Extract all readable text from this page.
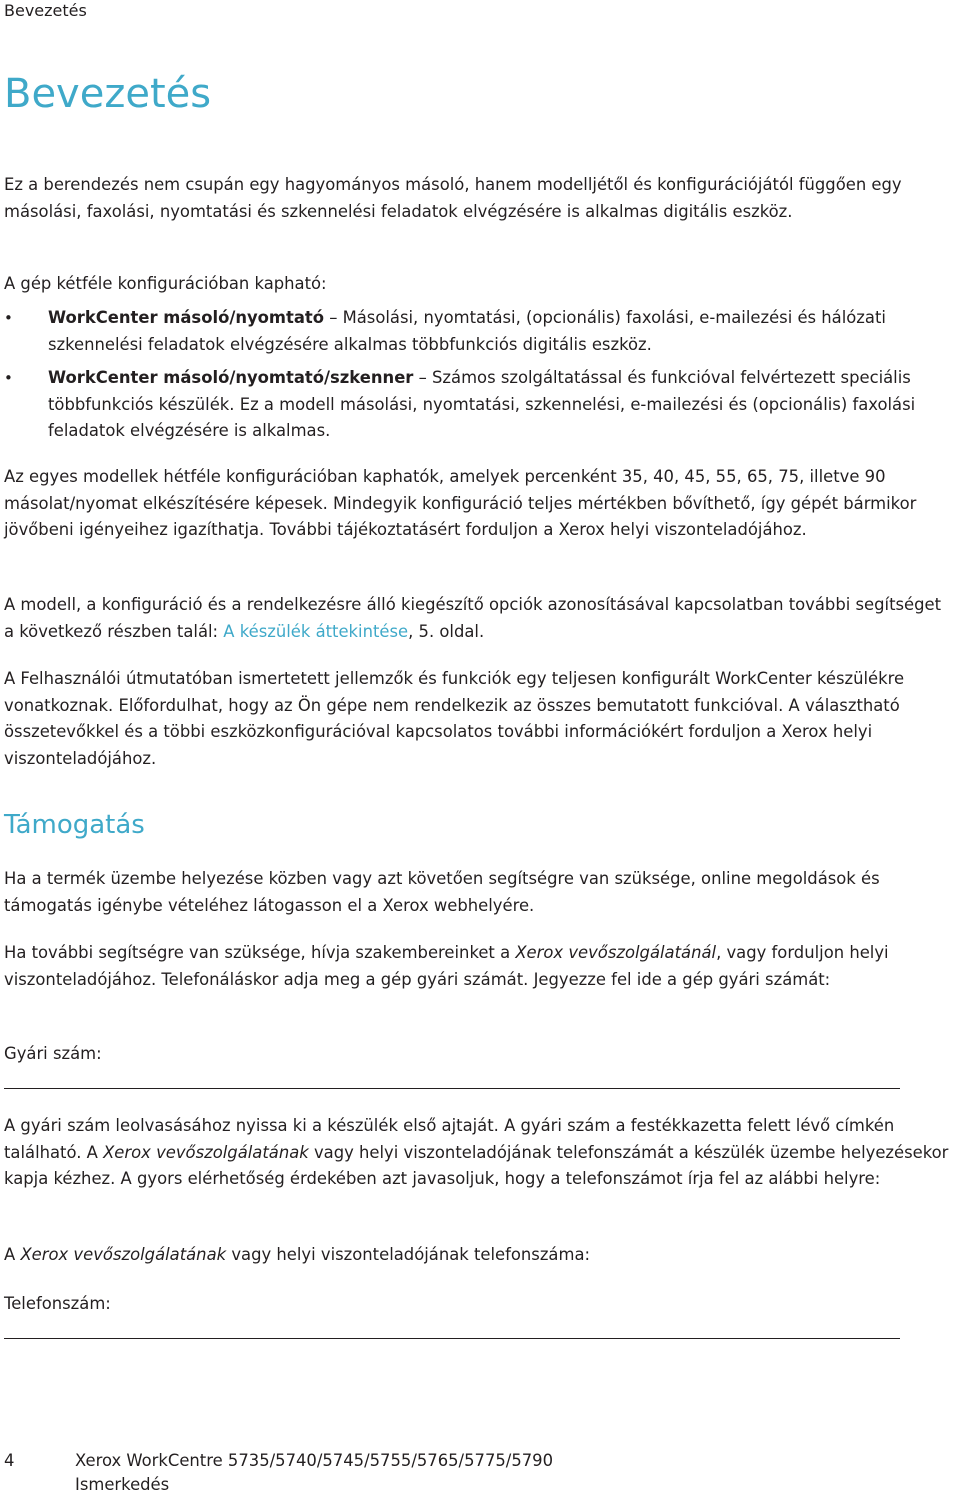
Bevezetés
Bevezetés

Ez a berendezés nem csupán egy hagyományos másoló, hanem modelljétől és konfigurációjától függően egy másolási, faxolási, nyomtatási és szkennelési feladatok elvégzésére is alkalmas digitális eszköz.

A gép kétféle konfigurációban kapható:

• WorkCenter másoló/nyomtató – Másolási, nyomtatási, (opcionális) faxolási, e-mailezési és hálózati szkennelési feladatok elvégzésére alkalmas többfunkciós digitális eszköz.
• WorkCenter másoló/nyomtató/szkenner – Számos szolgáltatással és funkcióval felvértezett speciális többfunkciós készülék. Ez a modell másolási, nyomtatási, szkennelési, e-mailezési és (opcionális) faxolási feladatok elvégzésére is alkalmas.

Az egyes modellek hétféle konfigurációban kaphatók, amelyek percenként 35, 40, 45, 55, 65, 75, illetve 90 másolat/nyomat elkészítésére képesek. Mindegyik konfiguráció teljes mértékben bővíthető, így gépét bármikor jövőbeni igényeihez igazíthatja. További tájékoztatásért forduljon a Xerox helyi viszonteladójához.

A modell, a konfiguráció és a rendelkezésre álló kiegészítő opciók azonosításával kapcsolatban további segítséget a következő részben talál: A készülék áttekintése, 5. oldal.

A Felhasználói útmutatóban ismertetett jellemzők és funkciók egy teljesen konfigurált WorkCenter készülékre vonatkoznak. Előfordulhat, hogy az Ön gépe nem rendelkezik az összes bemutatott funkcióval. A választható összetevőkkel és a többi eszközkonfigurációval kapcsolatos további információkért forduljon a Xerox helyi viszonteladójához.

Támogatás

Ha a termék üzembe helyezése közben vagy azt követően segítségre van szüksége, online megoldások és támogatás igénybe vételéhez látogasson el a Xerox webhelyére.

Ha további segítségre van szüksége, hívja szakembereinket a Xerox vevőszolgálatánál, vagy forduljon helyi viszonteladójához. Telefonáláskor adja meg a gép gyári számát. Jegyezze fel ide a gép gyári számát:

Gyári szám:

A gyári szám leolvasásához nyissa ki a készülék első ajtaját. A gyári szám a festékkazetta felett lévő címkén található. A Xerox vevőszolgálatának vagy helyi viszonteladójának telefonszámát a készülék üzembe helyezésekor kapja kézhez. A gyors elérhetőség érdekében azt javasoljuk, hogy a telefonszámot írja fel az alábbi helyre:

A Xerox vevőszolgálatának vagy helyi viszonteladójának telefonszáma:

Telefonszám:

4	Xerox WorkCentre 5735/5740/5745/5755/5765/5775/5790
Ismerkedés
